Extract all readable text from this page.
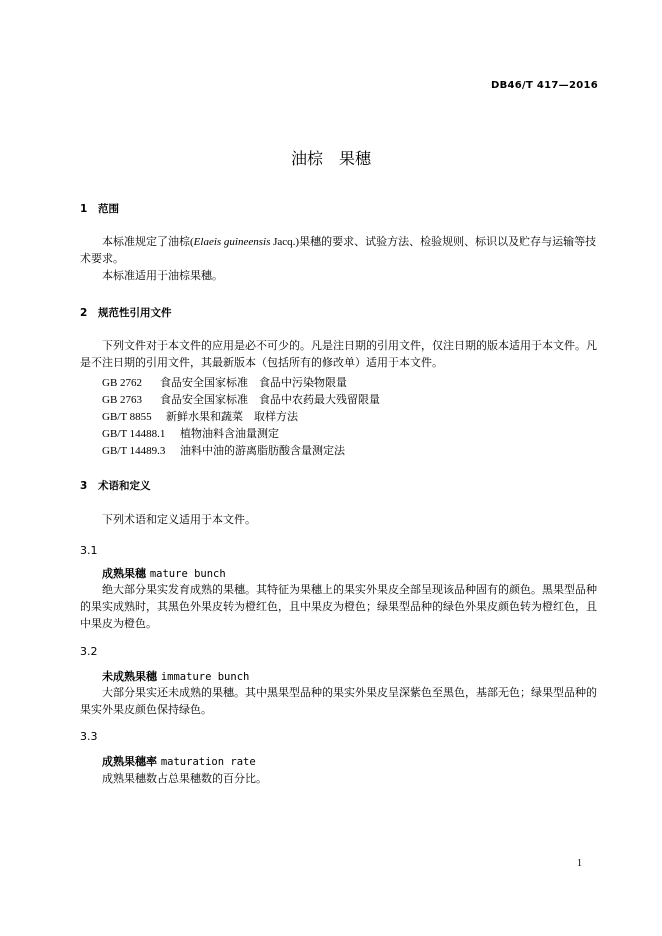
DB46/T 417—2016
油棕　果穗
1 范围
本标准规定了油棕(Elaeis guineensis Jacq.)果穗的要求、试验方法、检验规则、标识以及贮存与运输等技术要求。
本标准适用于油棕果穗。
2 规范性引用文件
下列文件对于本文件的应用是必不可少的。凡是注日期的引用文件，仅注日期的版本适用于本文件。凡是不注日期的引用文件，其最新版本（包括所有的修改单）适用于本文件。
GB 2762 食品安全国家标准　食品中污染物限量
GB 2763 食品安全国家标准　食品中农药最大残留限量
GB/T 8855 新鲜水果和蔬菜　取样方法
GB/T 14488.1 植物油料含油量测定
GB/T 14489.3 油料中油的游离脂肪酸含量测定法
3 术语和定义
下列术语和定义适用于本文件。
3.1
成熟果穗 mature bunch
绝大部分果实发育成熟的果穗。其特征为果穗上的果实外果皮全部呈现该品种固有的颜色。黑果型品种的果实成熟时，其黑色外果皮转为橙红色，且中果皮为橙色；绿果型品种的绿色外果皮颜色转为橙红色，且中果皮为橙色。
3.2
未成熟果穗 immature bunch
大部分果实还未成熟的果穗。其中黑果型品种的果实外果皮呈深紫色至黑色，基部无色；绿果型品种的果实外果皮颜色保持绿色。
3.3
成熟果穗率 maturation rate
成熟果穗数占总果穗数的百分比。
1
